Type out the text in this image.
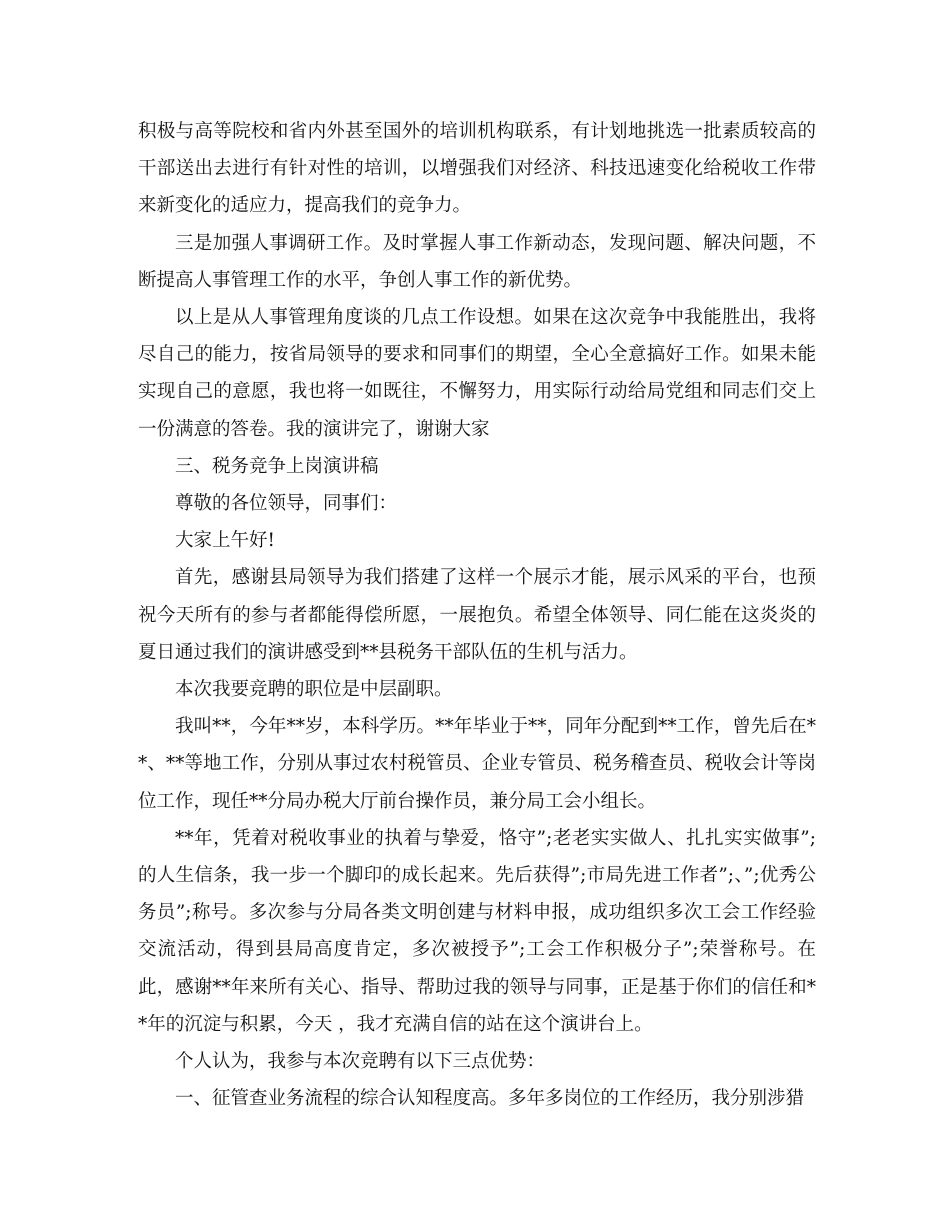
积极与高等院校和省内外甚至国外的培训机构联系，有计划地挑选一批素质较高的干部送出去进行有针对性的培训，以增强我们对经济、科技迅速变化给税收工作带来新变化的适应力，提高我们的竞争力。

三是加强人事调研工作。及时掌握人事工作新动态，发现问题、解决问题，不断提高人事管理工作的水平，争创人事工作的新优势。

以上是从人事管理角度谈的几点工作设想。如果在这次竞争中我能胜出，我将尽自己的能力，按省局领导的要求和同事们的期望，全心全意搞好工作。如果未能实现自己的意愿，我也将一如既往，不懈努力，用实际行动给局党组和同志们交上一份满意的答卷。我的演讲完了，谢谢大家

三、税务竞争上岗演讲稿

尊敬的各位领导，同事们：

大家上午好!

首先，感谢县局领导为我们搭建了这样一个展示才能，展示风采的平台，也预祝今天所有的参与者都能得偿所愿，一展抱负。希望全体领导、同仁能在这炎炎的夏日通过我们的演讲感受到**县税务干部队伍的生机与活力。

本次我要竞聘的职位是中层副职。

我叫**，今年**岁，本科学历。**年毕业于**，同年分配到**工作，曾先后在**、**等地工作，分别从事过农村税管员、企业专管员、税务稽查员、税收会计等岗位工作，现任**分局办税大厅前台操作员，兼分局工会小组长。

**年，凭着对税收事业的执着与挚爱，恪守”;老老实实做人、扎扎实实做事”;的人生信条，我一步一个脚印的成长起来。先后获得”;市局先进工作者”;、”;优秀公务员”;称号。多次参与分局各类文明创建与材料申报，成功组织多次工会工作经验交流活动，得到县局高度肯定，多次被授予”;工会工作积极分子”;荣誉称号。在此，感谢**年来所有关心、指导、帮助过我的领导与同事，正是基于你们的信任和**年的沉淀与积累，今天 ，我才充满自信的站在这个演讲台上。

个人认为，我参与本次竞聘有以下三点优势：

一、征管查业务流程的综合认知程度高。多年多岗位的工作经历，我分别涉猎
